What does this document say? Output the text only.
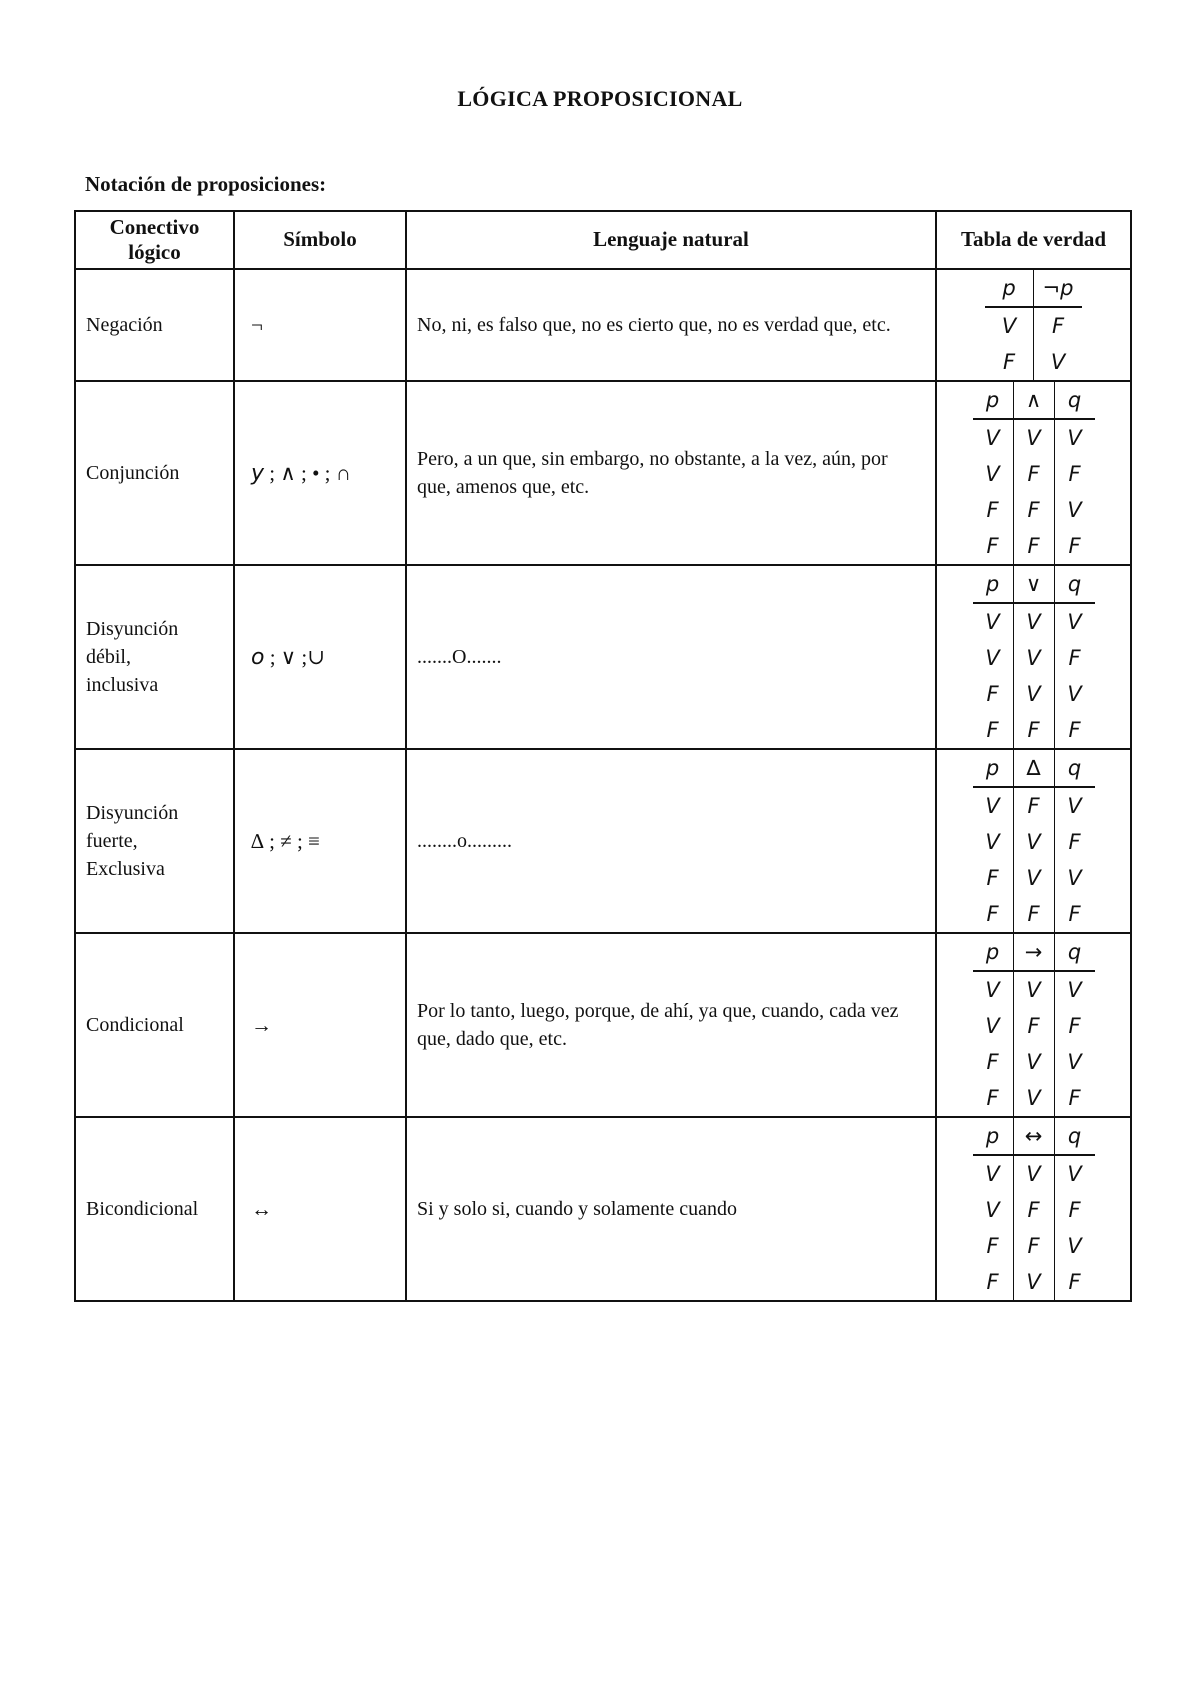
LÓGICA PROPOSICIONAL
Notación de proposiciones:
Conectivo lógico	Símbolo	Lenguaje natural	Tabla de verdad

Negación	¬	No, ni, es falso que, no es cierto que, no es verdad que, etc.	
p	¬p
V	F
F	V

Conjunción	y ; ∧ ; • ; ∩	Pero, a un que, sin embargo, no obstante, a la vez, aún, por que, amenos que, etc.	
p	∧	q
V	V	V
V	F	F
F	F	V
F	F	F

Disyunción
débil,
inclusiva
	o ; ∨ ;∪	.......O.......	
p	∨	q
V	V	V
V	V	F
F	V	V
F	F	F

Disyunción
fuerte,
Exclusiva
	∆ ; ≠ ; ≡	........o.........	
p	∆	q
V	F	V
V	V	F
F	V	V
F	F	F

Condicional	→	Por lo tanto, luego, porque, de ahí, ya que, cuando, cada vez que, dado que, etc.	
p	→	q
V	V	V
V	F	F
F	V	V
F	V	F

Bicondicional	↔	Si y solo si, cuando y solamente cuando	
p	↔	q
V	V	V
V	F	F
F	F	V
F	V	F
